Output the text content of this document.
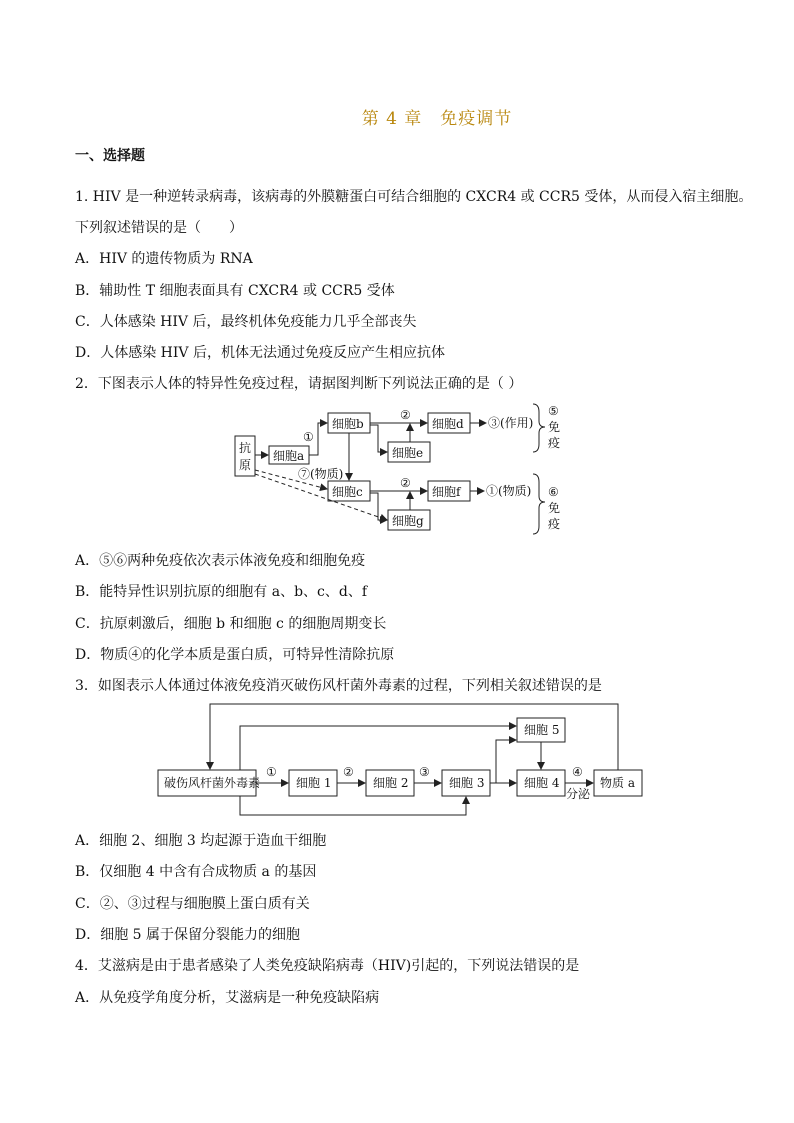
第 4 章　免疫调节
一、选择题
1. HIV 是一种逆转录病毒，该病毒的外膜糖蛋白可结合细胞的 CXCR4 或 CCR5 受体，从而侵入宿主细胞。
下列叙述错误的是（　　）
A．HIV 的遗传物质为 RNA
B．辅助性 T 细胞表面具有 CXCR4 或 CCR5 受体
C．人体感染 HIV 后，最终机体免疫能力几乎全部丧失
D．人体感染 HIV 后，机体无法通过免疫反应产生相应抗体
2．下图表示人体的特异性免疫过程，请据图判断下列说法正确的是（ ）
抗
原
细胞a
细胞b	细胞d
细胞e
细胞c	细胞f
细胞g
①
②
②
⑦(物质)
③(作用)
①(物质)
⑤
免
疫
⑥
免
疫
A．⑤⑥两种免疫依次表示体液免疫和细胞免疫
B．能特异性识别抗原的细胞有 a、b、c、d、f
C．抗原刺激后，细胞 b 和细胞 c 的细胞周期变长
D．物质④的化学本质是蛋白质，可特异性清除抗原
3．如图表示人体通过体液免疫消灭破伤风杆菌外毒素的过程，下列相关叙述错误的是
破伤风杆菌外毒素	细胞 1	细胞 2	细胞 3	细胞 4	物质 a
细胞 5
①	②	③	④
分泌
A．细胞 2、细胞 3 均起源于造血干细胞
B．仅细胞 4 中含有合成物质 a 的基因
C．②、③过程与细胞膜上蛋白质有关
D．细胞 5 属于保留分裂能力的细胞
4．艾滋病是由于患者感染了人类免疫缺陷病毒（HIV)引起的，下列说法错误的是
A．从免疫学角度分析，艾滋病是一种免疫缺陷病
